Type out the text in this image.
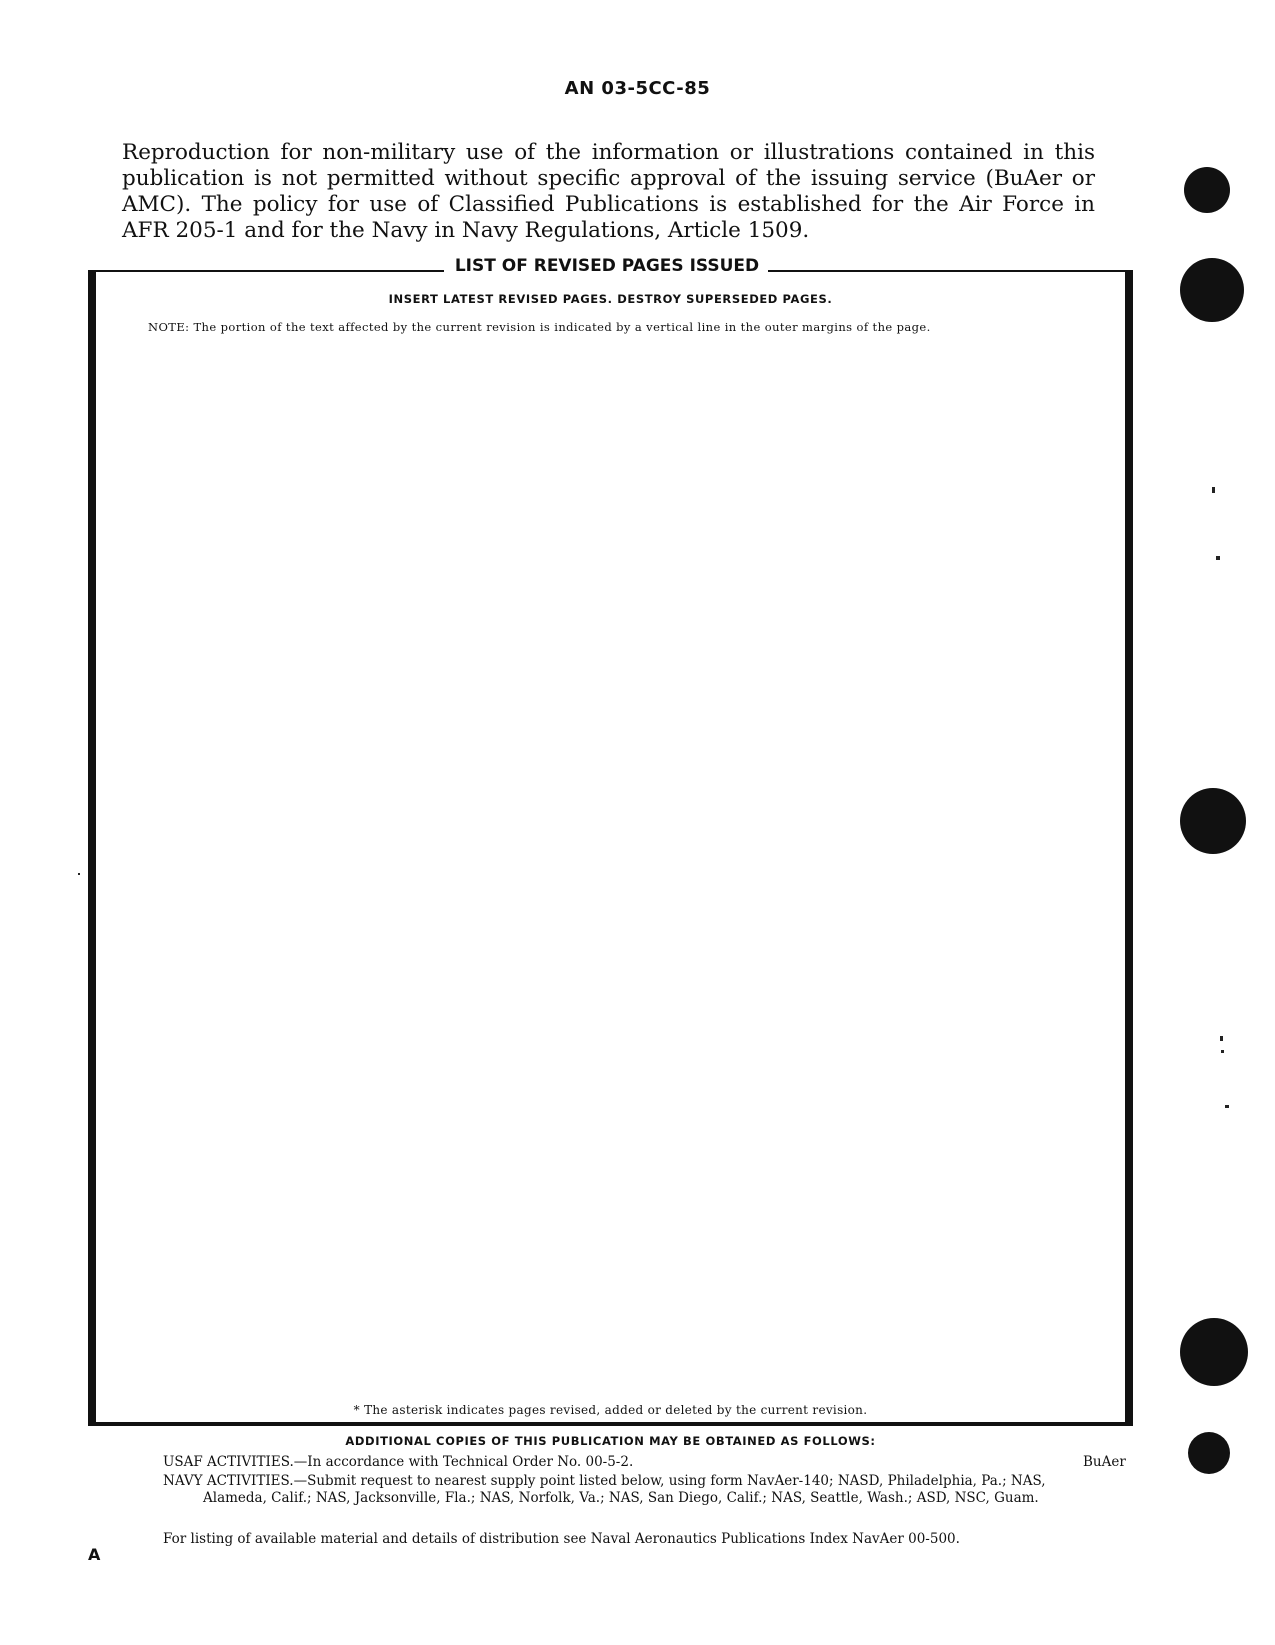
AN 03-5CC-85
Reproduction for non-military use of the information or illustrations contained in this publication is not permitted without specific approval of the issuing service (BuAer or AMC). The policy for use of Classified Publications is established for the Air Force in AFR 205-1 and for the Navy in Navy Regulations, Article 1509.
LIST OF REVISED PAGES ISSUED
INSERT LATEST REVISED PAGES. DESTROY SUPERSEDED PAGES.
NOTE: The portion of the text affected by the current revision is indicated by a vertical line in the outer margins of the page.
* The asterisk indicates pages revised, added or deleted by the current revision.
ADDITIONAL COPIES OF THIS PUBLICATION MAY BE OBTAINED AS FOLLOWS:
USAF ACTIVITIES.—In accordance with Technical Order No. 00-5-2.
NAVY ACTIVITIES.—Submit request to nearest supply point listed below, using form NavAer-140; NASD, Philadelphia, Pa.; NAS, Alameda, Calif.; NAS, Jacksonville, Fla.; NAS, Norfolk, Va.; NAS, San Diego, Calif.; NAS, Seattle, Wash.; ASD, NSC, Guam.
For listing of available material and details of distribution see Naval Aeronautics Publications Index NavAer 00-500.
BuAer
A
